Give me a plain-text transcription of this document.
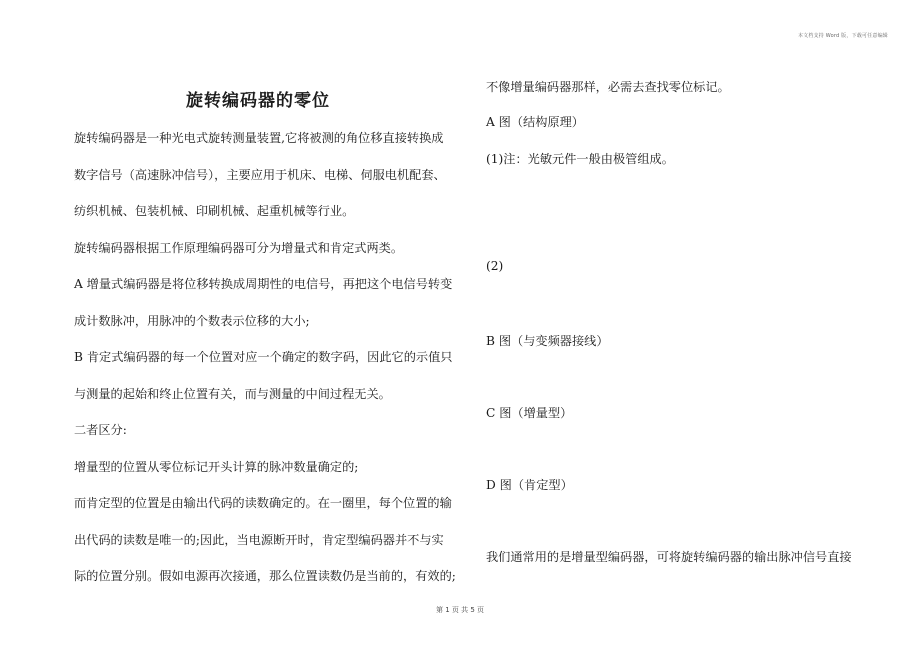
本文档支持 Word 版，下载可任意编辑
旋转编码器的零位
旋转编码器是一种光电式旋转测量装置,它将被测的角位移直接转换成
数字信号（高速脉冲信号），主要应用于机床、电梯、伺服电机配套、
纺织机械、包装机械、印刷机械、起重机械等行业。
旋转编码器根据工作原理编码器可分为增量式和肯定式两类。
A 增量式编码器是将位移转换成周期性的电信号，再把这个电信号转变
成计数脉冲，用脉冲的个数表示位移的大小;
B 肯定式编码器的每一个位置对应一个确定的数字码，因此它的示值只
与测量的起始和终止位置有关，而与测量的中间过程无关。
二者区分:
增量型的位置从零位标记开头计算的脉冲数量确定的;
而肯定型的位置是由输出代码的读数确定的。在一圈里，每个位置的输
出代码的读数是唯一的;因此，当电源断开时，肯定型编码器并不与实
际的位置分别。假如电源再次接通，那么位置读数仍是当前的，有效的;
不像增量编码器那样，必需去查找零位标记。
A 图（结构原理）
(1)注：光敏元件一般由极管组成。
(2)
B 图（与变频器接线）
C 图（增量型）
D 图（肯定型）
我们通常用的是增量型编码器，可将旋转编码器的输出脉冲信号直接
第 1 页 共 5 页
